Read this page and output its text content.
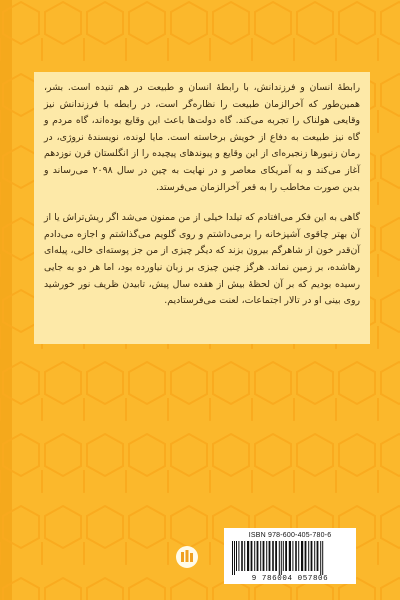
رابطهٔ انسان و فرزندانش، با رابطهٔ انسان و طبیعت در هم تنیده است. بشر، همین‌طور که آخرالزمان طبیعت را نظاره‌گر است، در رابطه با فرزندانش نیز وقایعی هولناک را تجربه می‌کند. گاه دولت‌ها باعث این وقایع بوده‌اند، گاه مردم و گاه نیز طبیعت به دفاع از خویش برخاسته است. مایا لونده، نویسندهٔ نروژی، در رمان زنبورها زنجیره‌ای از این وقایع و پیوندهای پیچیده را از انگلستان قرن نوزدهم آغاز می‌کند و به آمریکای معاصر و در نهایت به چین در سال ۲۰۹۸ می‌رساند و بدین صورت مخاطب را به قعر آخرالزمان می‌فرستد.

گاهی به این فکر می‌افتادم که تیلدا خیلی از من ممنون می‌شد اگر ریش‌تراش یا از آن بهتر چاقوی آشپزخانه را برمی‌داشتم و روی گلویم می‌گذاشتم و اجازه می‌دادم آن‌قدر خون از شاهرگم بیرون بزند که دیگر چیزی از من جز پوسته‌ای خالی، پیله‌ای رهاشده، بر زمین نماند. هرگز چنین چیزی بر زبان نیاورده بود، اما هر دو به جایی رسیده بودیم که بر آن لحظهٔ بیش از هفده سال پیش، تابیدن ظریف نور خورشید روی بینی او در تالار اجتماعات، لعنت می‌فرستادیم.

ISBN 978-600-405-780-6
9 786004 057806
